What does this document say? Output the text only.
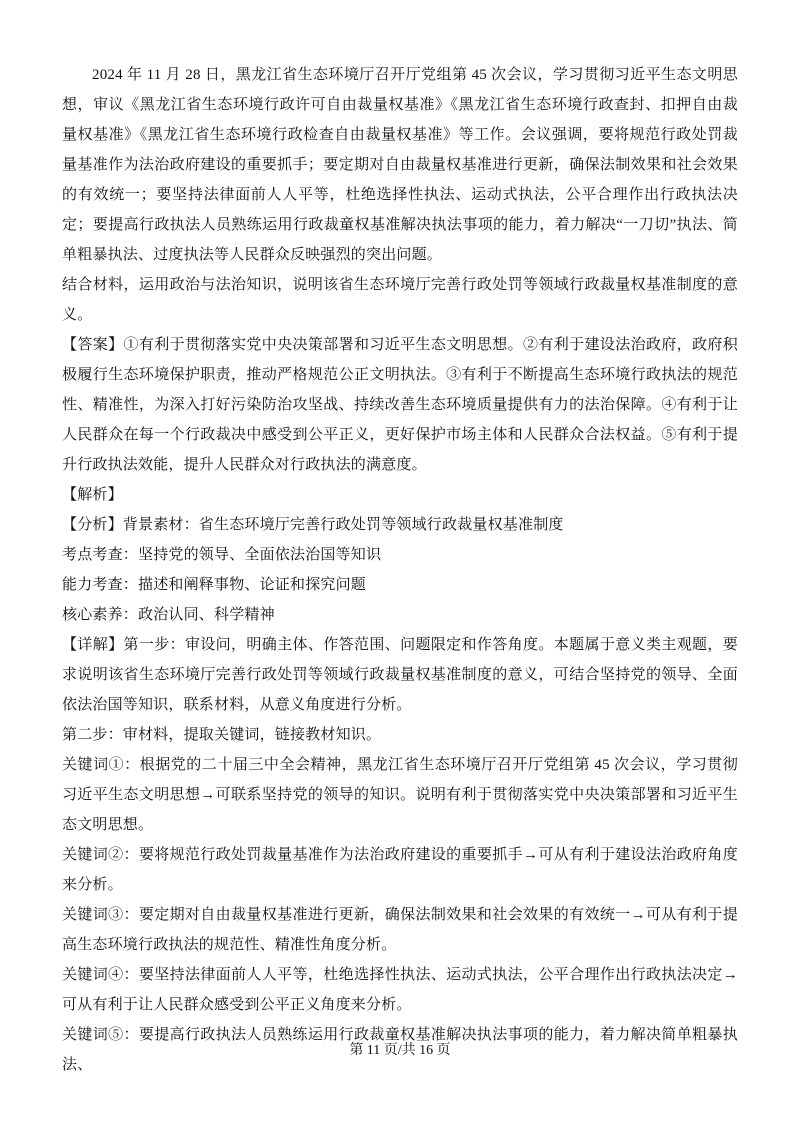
2024 年 11 月 28 日，黑龙江省生态环境厅召开厅党组第 45 次会议，学习贯彻习近平生态文明思想，审议《黑龙江省生态环境行政许可自由裁量权基准》《黑龙江省生态环境行政查封、扣押自由裁量权基准》《黑龙江省生态环境行政检查自由裁量权基准》等工作。会议强调，要将规范行政处罚裁量基准作为法治政府建设的重要抓手；要定期对自由裁量权基准进行更新，确保法制效果和社会效果的有效统一；要坚持法律面前人人平等，杜绝选择性执法、运动式执法，公平合理作出行政执法决定；要提高行政执法人员熟练运用行政裁童权基准解决执法事项的能力，着力解决“一刀切”执法、简单粗暴执法、过度执法等人民群众反映强烈的突出问题。

结合材料，运用政治与法治知识，说明该省生态环境厅完善行政处罚等领域行政裁量权基准制度的意义。

【答案】①有利于贯彻落实党中央决策部署和习近平生态文明思想。②有利于建设法治政府，政府积极履行生态环境保护职责，推动严格规范公正文明执法。③有利于不断提高生态环境行政执法的规范性、精准性，为深入打好污染防治攻坚战、持续改善生态环境质量提供有力的法治保障。④有利于让人民群众在每一个行政裁决中感受到公平正义，更好保护市场主体和人民群众合法权益。⑤有利于提升行政执法效能，提升人民群众对行政执法的满意度。

【解析】

【分析】背景素材：省生态环境厅完善行政处罚等领域行政裁量权基准制度

考点考查：坚持党的领导、全面依法治国等知识

能力考查：描述和阐释事物、论证和探究问题

核心素养：政治认同、科学精神

【详解】第一步：审设问，明确主体、作答范围、问题限定和作答角度。本题属于意义类主观题，要求说明该省生态环境厅完善行政处罚等领域行政裁量权基准制度的意义，可结合坚持党的领导、全面依法治国等知识，联系材料，从意义角度进行分析。

第二步：审材料，提取关键词，链接教材知识。

关键词①：根据党的二十届三中全会精神，黑龙江省生态环境厅召开厅党组第 45 次会议，学习贯彻习近平生态文明思想→可联系坚持党的领导的知识。说明有利于贯彻落实党中央决策部署和习近平生态文明思想。

关键词②：要将规范行政处罚裁量基准作为法治政府建设的重要抓手→可从有利于建设法治政府角度来分析。

关键词③：要定期对自由裁量权基准进行更新，确保法制效果和社会效果的有效统一→可从有利于提高生态环境行政执法的规范性、精准性角度分析。

关键词④：要坚持法律面前人人平等，杜绝选择性执法、运动式执法，公平合理作出行政执法决定→可从有利于让人民群众感受到公平正义角度来分析。

关键词⑤：要提高行政执法人员熟练运用行政裁童权基准解决执法事项的能力，着力解决简单粗暴执法、

第 11 页/共 16 页
